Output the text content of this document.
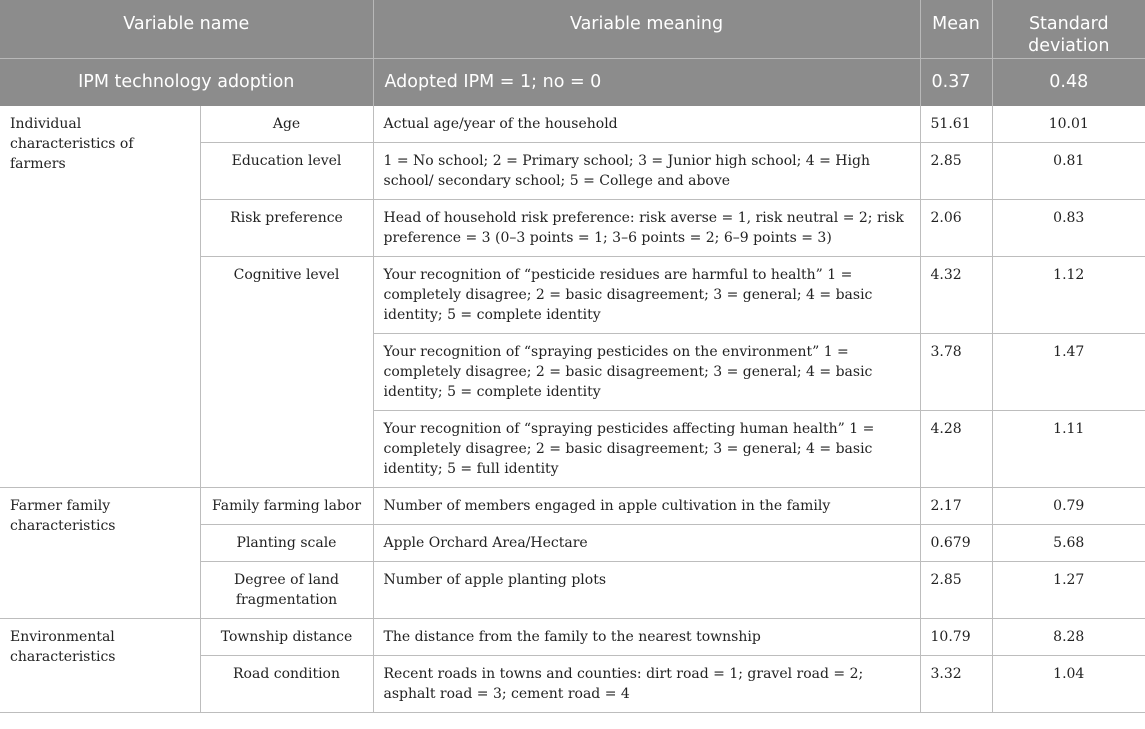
Variable name		Variable meaning	Mean	Standard deviation
IPM technology adoption		Adopted IPM = 1; no = 0	0.37	0.48
Individual characteristics of farmers	Age	Actual age/year of the household	51.61	10.01
	Education level	1 = No school; 2 = Primary school; 3 = Junior high school; 4 = High school/ secondary school; 5 = College and above	2.85	0.81
	Risk preference	Head of household risk preference: risk averse = 1, risk neutral = 2; risk preference = 3 (0–3 points = 1; 3–6 points = 2; 6–9 points = 3)	2.06	0.83
	Cognitive level	Your recognition of “pesticide residues are harmful to health” 1 = completely disagree; 2 = basic disagreement; 3 = general; 4 = basic identity; 5 = complete identity	4.32	1.12
		Your recognition of “spraying pesticides on the environment” 1 = completely disagree; 2 = basic disagreement; 3 = general; 4 = basic identity; 5 = complete identity	3.78	1.47
		Your recognition of “spraying pesticides affecting human health” 1 = completely disagree; 2 = basic disagreement; 3 = general; 4 = basic identity; 5 = full identity	4.28	1.11
Farmer family characteristics	Family farming labor	Number of members engaged in apple cultivation in the family	2.17	0.79
	Planting scale	Apple Orchard Area/Hectare	0.679	5.68
	Degree of land fragmentation	Number of apple planting plots	2.85	1.27
Environmental characteristics	Township distance	The distance from the family to the nearest township	10.79	8.28
	Road condition	Recent roads in towns and counties: dirt road = 1; gravel road = 2; asphalt road = 3; cement road = 4	3.32	1.04
